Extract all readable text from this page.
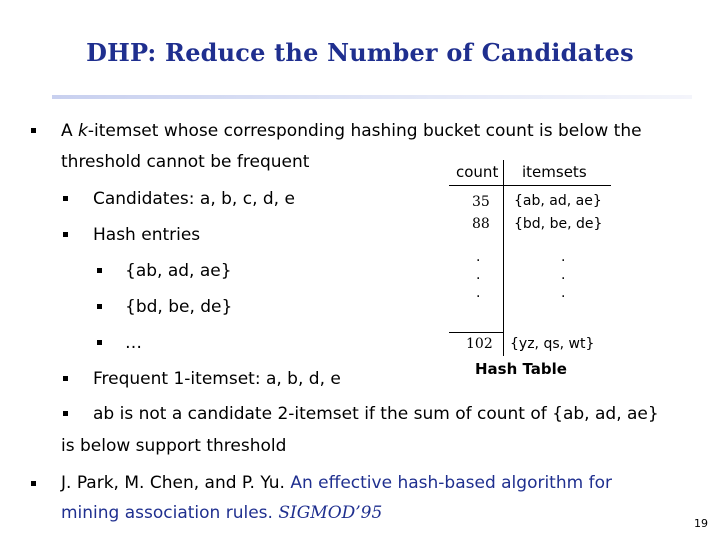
DHP: Reduce the Number of Candidates
A k-itemset whose corresponding hashing bucket count is below the
threshold cannot be frequent
Candidates: a, b, c, d, e
Hash entries
{ab, ad, ae}
{bd, be, de}
…
Frequent 1-itemset: a, b, d, e
ab is not a candidate 2-itemset if the sum of count of {ab, ad, ae}
is below support threshold
J. Park, M. Chen, and P. Yu. An effective hash-based algorithm for
mining association rules. SIGMOD’95
count itemsets
35 {ab, ad, ae}
88 {bd, be, de}
.
.
.
.
.
.
102 {yz, qs, wt}
Hash Table
19
